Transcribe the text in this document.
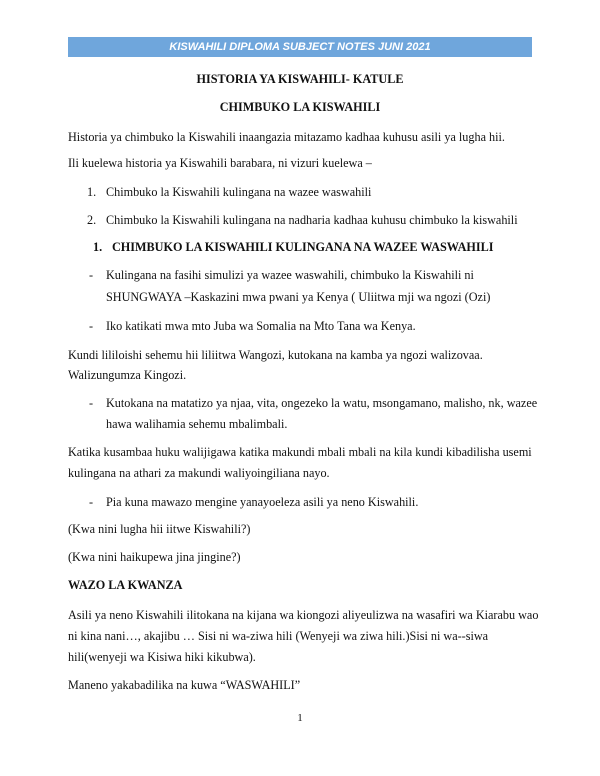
KISWAHILI DIPLOMA SUBJECT NOTES JUNI 2021
HISTORIA YA KISWAHILI- KATULE
CHIMBUKO LA KISWAHILI
Historia ya chimbuko la Kiswahili inaangazia mitazamo kadhaa kuhusu asili ya lugha hii.
Ili kuelewa historia ya Kiswahili barabara, ni vizuri kuelewa –
1. Chimbuko la Kiswahili kulingana na wazee waswahili
2. Chimbuko la Kiswahili kulingana na nadharia kadhaa kuhusu chimbuko la kiswahili
1. CHIMBUKO LA KISWAHILI KULINGANA NA WAZEE WASWAHILI
- Kulingana na fasihi simulizi ya wazee waswahili, chimbuko la Kiswahili ni
SHUNGWAYA –Kaskazini mwa pwani ya Kenya ( Uliitwa mji wa ngozi (Ozi)
- Iko katikati mwa mto Juba wa Somalia na Mto Tana wa Kenya.
Kundi lililoishi sehemu hii liliitwa Wangozi, kutokana na kamba ya ngozi walizovaa.
Walizungumza Kingozi.
- Kutokana na matatizo ya njaa, vita, ongezeko la watu, msongamano, malisho, nk, wazee
hawa walihamia sehemu mbalimbali.
Katika kusambaa huku walijigawa katika makundi mbali mbali na kila kundi kibadilisha usemi
kulingana na athari za makundi waliyoingiliana nayo.
- Pia kuna mawazo mengine yanayoeleza asili ya neno Kiswahili.
(Kwa nini lugha hii iitwe Kiswahili?)
(Kwa nini haikupewa jina jingine?)
WAZO LA KWANZA
Asili ya neno Kiswahili ilitokana na kijana wa kiongozi aliyeulizwa na wasafiri wa Kiarabu wao
ni kina nani…, akajibu … Sisi ni wa-ziwa hili (Wenyeji wa ziwa hili.)Sisi ni wa--siwa
hili(wenyeji wa Kisiwa hiki kikubwa).
Maneno yakabadilika na kuwa “WASWAHILI”
1
